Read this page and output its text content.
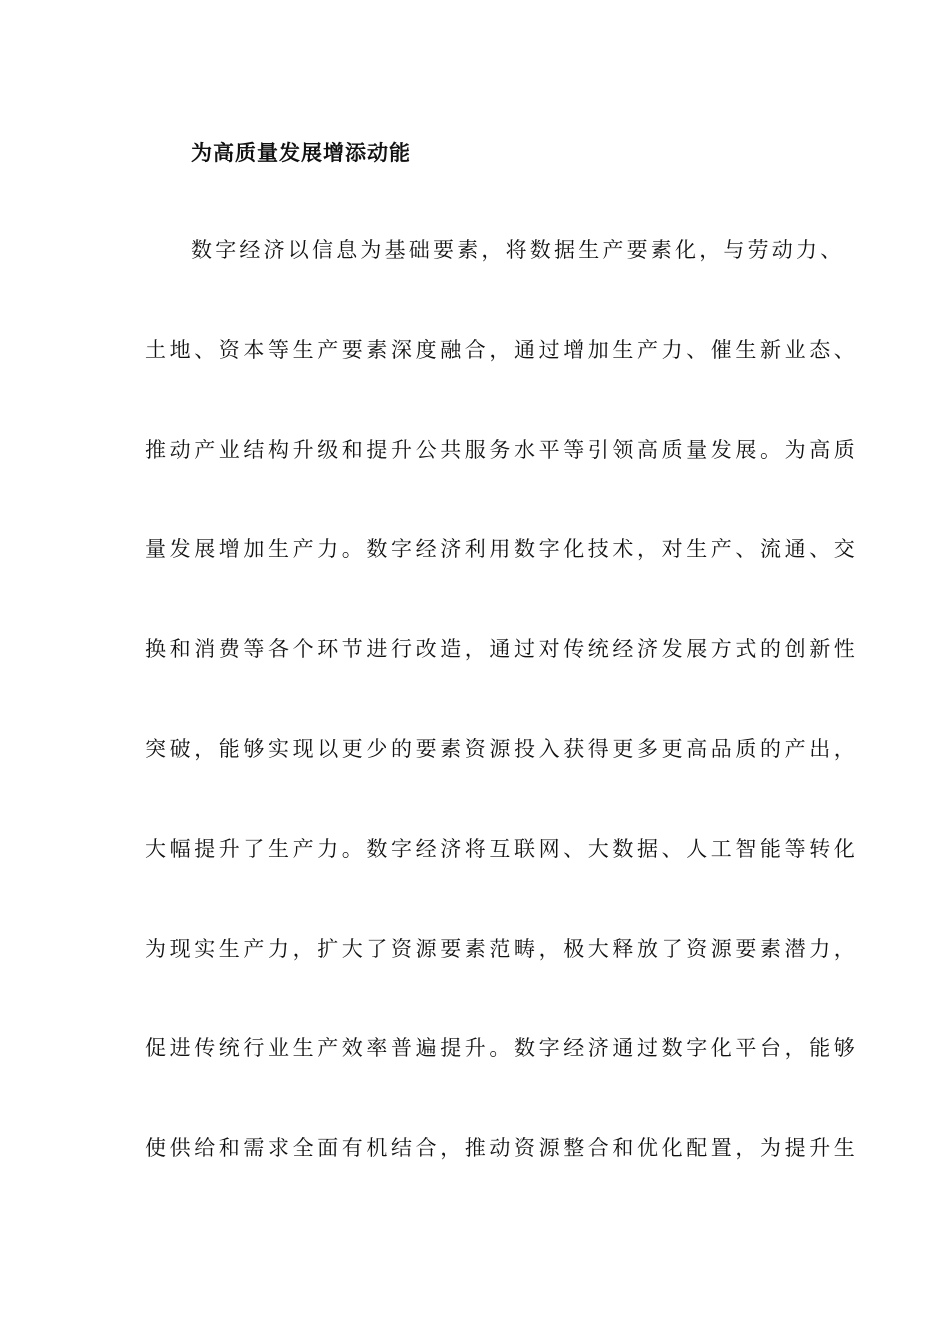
为高质量发展增添动能
数字经济以信息为基础要素，将数据生产要素化，与劳动力、
土地、资本等生产要素深度融合，通过增加生产力、催生新业态、
推动产业结构升级和提升公共服务水平等引领高质量发展。为高质
量发展增加生产力。数字经济利用数字化技术，对生产、流通、交
换和消费等各个环节进行改造，通过对传统经济发展方式的创新性
突破，能够实现以更少的要素资源投入获得更多更高品质的产出，
大幅提升了生产力。数字经济将互联网、大数据、人工智能等转化
为现实生产力，扩大了资源要素范畴，极大释放了资源要素潜力，
促进传统行业生产效率普遍提升。数字经济通过数字化平台，能够
使供给和需求全面有机结合，推动资源整合和优化配置，为提升生
